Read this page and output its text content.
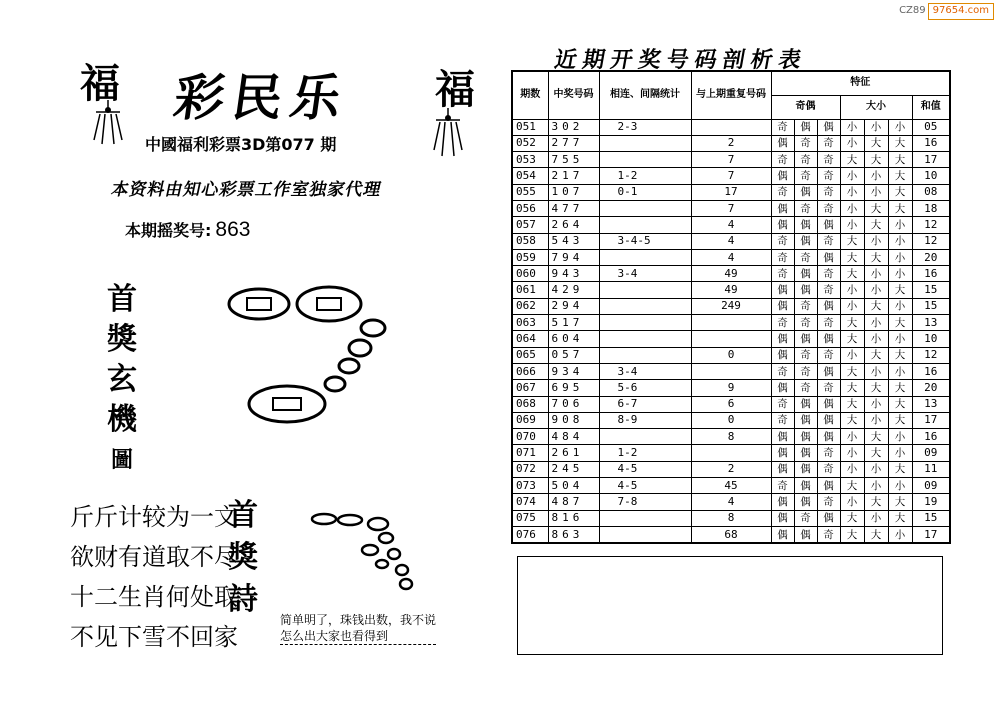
CZ89 97654.com
福	福
彩民乐
中國福利彩票3D第077 期
本资料由知心彩票工作室独家代理
本期摇奖号: 863
首
獎
玄
機
圖
斤斤计较为一文
欲财有道取不尽
十二生肖何处取
不见下雪不回家
首
獎
詩
简单明了，珠钱出数，我不说
怎么出大家也看得到
近期开奖号码剖析表
期数	中奖号码	相连、间隔统计	与上期重复号码	特征						
				奇偶			大小			和值
051	302	2-3		奇	偶	偶	小	小	小	05
052	277		2	偶	奇	奇	小	大	大	16
053	755		7	奇	奇	奇	大	大	大	17
054	217	1-2	7	偶	奇	奇	小	小	大	10
055	107	0-1	17	奇	偶	奇	小	小	大	08
056	477		7	偶	奇	奇	小	大	大	18
057	264		4	偶	偶	偶	小	大	小	12
058	543	3-4-5	4	奇	偶	奇	大	小	小	12
059	794		4	奇	奇	偶	大	大	小	20
060	943	3-4	49	奇	偶	奇	大	小	小	16
061	429		49	偶	偶	奇	小	小	大	15
062	294		249	偶	奇	偶	小	大	小	15
063	517			奇	奇	奇	大	小	大	13
064	604			偶	偶	偶	大	小	小	10
065	057		0	偶	奇	奇	小	大	大	12
066	934	3-4		奇	奇	偶	大	小	小	16
067	695	5-6	9	偶	奇	奇	大	大	大	20
068	706	6-7	6	奇	偶	偶	大	小	大	13
069	908	8-9	0	奇	偶	偶	大	小	大	17
070	484		8	偶	偶	偶	小	大	小	16
071	261	1-2		偶	偶	奇	小	大	小	09
072	245	4-5	2	偶	偶	奇	小	小	大	11
073	504	4-5	45	奇	偶	偶	大	小	小	09
074	487	7-8	4	偶	偶	奇	小	大	大	19
075	816		8	偶	奇	偶	大	小	大	15
076	863		68	偶	偶	奇	大	大	小	17
